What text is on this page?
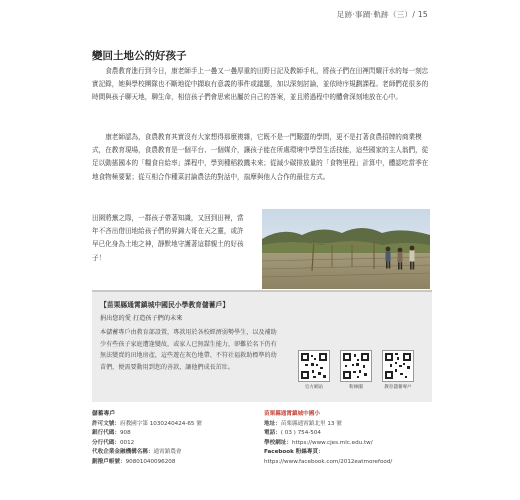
足跡‧事蹟‧軌跡（三）/ 15
變回土地公的好孩子

食農教育進行到今日，康老師手上一疊又一疊厚重的田野日記及教師手札，將孩子們在田裡閃耀汗水的每一刻忠實記錄，她與學校團隊也不斷地從中擷取有意義的事件或議題，加以深刻討論，並依時序規劃課程。老師們花很多的時間與孩子聊天地，聊生命，相信孩子們會思索出屬於自己的答案，並且將過程中的體會深刻地放在心中。

康老師認為，食農教育其實沒有大家想得那麼複雜，它既不是一門艱澀的學問，更不是打著食農招牌的商業模式，在教育現場，食農教育是一個平台、一個媒介，讓孩子能在所處環境中學習生活技能，這些國家的主人翁們，從足以動搖國本的「糧食自給率」課程中，學到種稻救饑未來；從減少碳排放量的「食物里程」計算中，體認吃當季在地食物極要緊；從互相合作種菜討論農法的對話中，揣摩與他人合作的最佳方式。

田園將蕪之際，一群孩子帶著知識，又回到田裡，當年不吝出借田地給孩子們的昇錦大哥在天之靈，或許早已化身為土地之神，靜默地守護著這群親土的好孩子！
【苗栗縣通霄鎮城中國民小學教育儲蓄戶】
捐出您的愛 打造孩子們的未來
本儲蓄專戶由教育部設置，專款用於各校經濟弱勢學生，以及補助少有些孩子家庭遭逢變故，或家人已無謀生能力，卻難於名下仍有無法變賣的田地房產，這些遊在灰色地帶、不符社福救助標準的幼苗們，便需要動用到您的善款，讓他們成長茁壯。
官方網站	粉絲團	教育儲蓄專戶
儲蓄專戶
許可文號：府教國字第 1030240424-65 號
銀行代碼：908
分行代碼：0012
代收企業金融機構名稱：通霄鎮農會
劃撥戶帳號：90801040096208
苗栗縣通霄鎮城中國小
地址：苗栗縣通霄鎮北里 13 號
電話：( 03 ) 754-504
學校網址：https://www.cjes.mlc.edu.tw/
Facebook 粉絲專頁：
https://www.facebook.com/2012eatmorefood/
